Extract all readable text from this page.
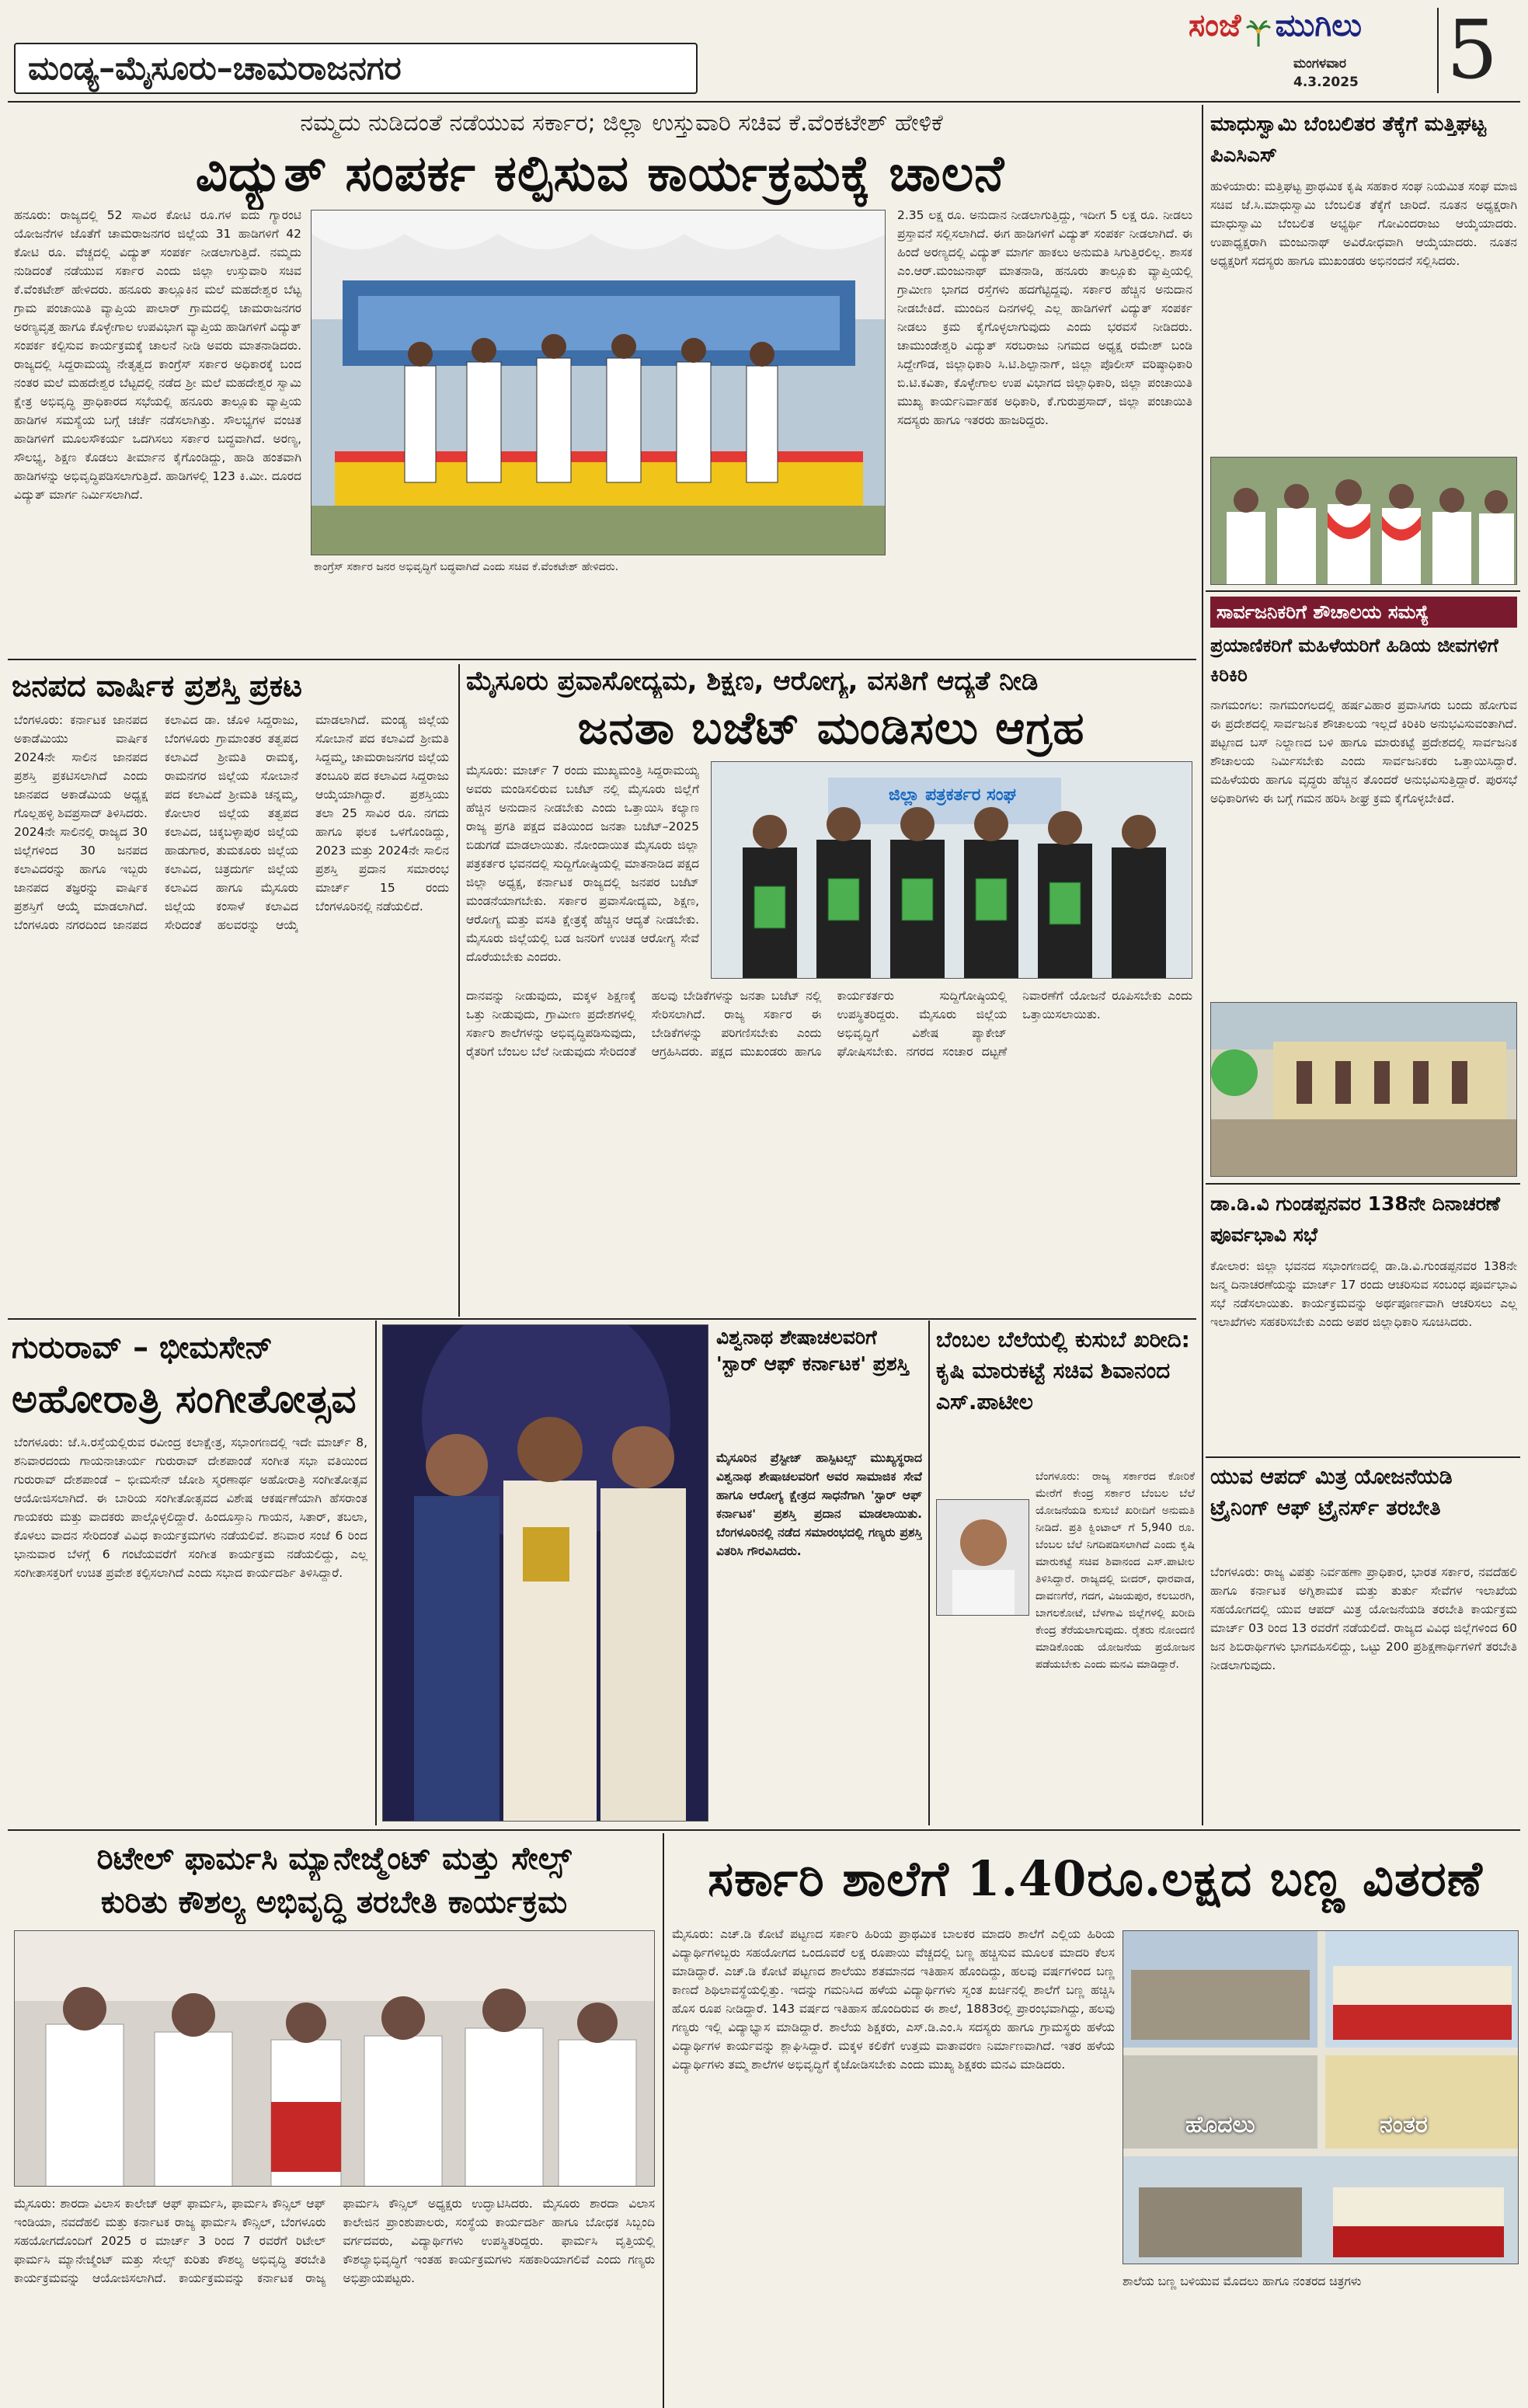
ಮಂಡ್ಯ–ಮೈಸೂರು–ಚಾಮರಾಜನಗರ
ಸಂಜೆ ಮುಗಿಲು
ಮಂಗಳವಾರ
4.3.2025	5
ನಮ್ಮದು ನುಡಿದಂತೆ ನಡೆಯುವ ಸರ್ಕಾರ; ಜಿಲ್ಲಾ ಉಸ್ತುವಾರಿ ಸಚಿವ ಕೆ.ವೆಂಕಟೇಶ್ ಹೇಳಿಕೆ
ವಿದ್ಯುತ್ ಸಂಪರ್ಕ ಕಲ್ಪಿಸುವ ಕಾರ್ಯಕ್ರಮಕ್ಕೆ ಚಾಲನೆ
ಹನೂರು: ರಾಜ್ಯದಲ್ಲಿ 52 ಸಾವಿರ ಕೋಟಿ ರೂ.ಗಳ ಐದು ಗ್ಯಾರಂಟಿ ಯೋಜನೆಗಳ ಜೊತೆಗೆ ಚಾಮರಾಜನಗರ ಜಿಲ್ಲೆಯ 31 ಹಾಡಿಗಳಿಗೆ 42 ಕೋಟಿ ರೂ. ವೆಚ್ಚದಲ್ಲಿ ವಿದ್ಯುತ್ ಸಂಪರ್ಕ ನೀಡಲಾಗುತ್ತಿದೆ. ನಮ್ಮದು ನುಡಿದಂತೆ ನಡೆಯುವ ಸರ್ಕಾರ ಎಂದು ಜಿಲ್ಲಾ ಉಸ್ತುವಾರಿ ಸಚಿವ ಕೆ.ವೆಂಕಟೇಶ್ ಹೇಳಿದರು. ಹನೂರು ತಾಲ್ಲೂಕಿನ ಮಲೆ ಮಹದೇಶ್ವರ ಬೆಟ್ಟ ಗ್ರಾಮ ಪಂಚಾಯಿತಿ ವ್ಯಾಪ್ತಿಯ ಪಾಲಾರ್ ಗ್ರಾಮದಲ್ಲಿ ಚಾಮರಾಜನಗರ ಅರಣ್ಯವೃತ್ತ ಹಾಗೂ ಕೊಳ್ಳೇಗಾಲ ಉಪವಿಭಾಗ ವ್ಯಾಪ್ತಿಯ ಹಾಡಿಗಳಿಗೆ ವಿದ್ಯುತ್ ಸಂಪರ್ಕ ಕಲ್ಪಿಸುವ ಕಾರ್ಯಕ್ರಮಕ್ಕೆ ಚಾಲನೆ ನೀಡಿ ಅವರು ಮಾತನಾಡಿದರು. ರಾಜ್ಯದಲ್ಲಿ ಸಿದ್ದರಾಮಯ್ಯ ನೇತೃತ್ವದ ಕಾಂಗ್ರೆಸ್ ಸರ್ಕಾರ ಅಧಿಕಾರಕ್ಕೆ ಬಂದ ನಂತರ ಮಲೆ ಮಹದೇಶ್ವರ ಬೆಟ್ಟದಲ್ಲಿ ನಡೆದ ಶ್ರೀ ಮಲೆ ಮಹದೇಶ್ವರ ಸ್ವಾಮಿ ಕ್ಷೇತ್ರ ಅಭಿವೃದ್ಧಿ ಪ್ರಾಧಿಕಾರದ ಸಭೆಯಲ್ಲಿ ಹನೂರು ತಾಲ್ಲೂಕು ವ್ಯಾಪ್ತಿಯ ಹಾಡಿಗಳ ಸಮಸ್ಯೆಯ ಬಗ್ಗೆ ಚರ್ಚೆ ನಡೆಸಲಾಗಿತ್ತು. ಸೌಲಭ್ಯಗಳ ವಂಚಿತ ಹಾಡಿಗಳಿಗೆ ಮೂಲಸೌಕರ್ಯ ಒದಗಿಸಲು ಸರ್ಕಾರ ಬದ್ಧವಾಗಿದೆ. ಅರಣ್ಯ, ಸೌಲಭ್ಯ, ಶಿಕ್ಷಣ ಕೊಡಲು ತೀರ್ಮಾನ ಕೈಗೊಂಡಿದ್ದು, ಹಾಡಿ ಹಂತವಾಗಿ ಹಾಡಿಗಳನ್ನು ಅಭಿವೃದ್ಧಿಪಡಿಸಲಾಗುತ್ತಿದೆ. ಹಾಡಿಗಳಲ್ಲಿ 123 ಕಿ.ಮೀ. ದೂರದ ವಿದ್ಯುತ್ ಮಾರ್ಗ ನಿರ್ಮಿಸಲಾಗಿದೆ.
ಕಾಂಗ್ರೆಸ್ ಸರ್ಕಾರ ಜನರ ಅಭಿವೃದ್ಧಿಗೆ ಬದ್ಧವಾಗಿದೆ ಎಂದು ಸಚಿವ ಕೆ.ವೆಂಕಟೇಶ್ ಹೇಳಿದರು.
2.35 ಲಕ್ಷ ರೂ. ಅನುದಾನ ನೀಡಲಾಗುತ್ತಿದ್ದು, ಇದೀಗ 5 ಲಕ್ಷ ರೂ. ನೀಡಲು ಪ್ರಸ್ತಾವನೆ ಸಲ್ಲಿಸಲಾಗಿದೆ. ಈಗ ಹಾಡಿಗಳಿಗೆ ವಿದ್ಯುತ್ ಸಂಪರ್ಕ ನೀಡಲಾಗಿದೆ. ಈ ಹಿಂದೆ ಅರಣ್ಯದಲ್ಲಿ ವಿದ್ಯುತ್ ಮಾರ್ಗ ಹಾಕಲು ಅನುಮತಿ ಸಿಗುತ್ತಿರಲಿಲ್ಲ. ಶಾಸಕ ಎಂ.ಆರ್.ಮಂಜುನಾಥ್ ಮಾತನಾಡಿ, ಹನೂರು ತಾಲ್ಲೂಕು ವ್ಯಾಪ್ತಿಯಲ್ಲಿ ಗ್ರಾಮೀಣ ಭಾಗದ ರಸ್ತೆಗಳು ಹದಗೆಟ್ಟಿದ್ದವು. ಸರ್ಕಾರ ಹೆಚ್ಚಿನ ಅನುದಾನ ನೀಡಬೇಕಿದೆ. ಮುಂದಿನ ದಿನಗಳಲ್ಲಿ ಎಲ್ಲ ಹಾಡಿಗಳಿಗೆ ವಿದ್ಯುತ್ ಸಂಪರ್ಕ ನೀಡಲು ಕ್ರಮ ಕೈಗೊಳ್ಳಲಾಗುವುದು ಎಂದು ಭರವಸೆ ನೀಡಿದರು. ಚಾಮುಂಡೇಶ್ವರಿ ವಿದ್ಯುತ್ ಸರಬರಾಜು ನಿಗಮದ ಅಧ್ಯಕ್ಷ ರಮೇಶ್ ಬಂಡಿ ಸಿದ್ದೇಗೌಡ, ಜಿಲ್ಲಾಧಿಕಾರಿ ಸಿ.ಟಿ.ಶಿಲ್ಪಾನಾಗ್, ಜಿಲ್ಲಾ ಪೊಲೀಸ್ ವರಿಷ್ಠಾಧಿಕಾರಿ ಬಿ.ಟಿ.ಕವಿತಾ, ಕೊಳ್ಳೇಗಾಲ ಉಪ ವಿಭಾಗದ ಜಿಲ್ಲಾಧಿಕಾರಿ, ಜಿಲ್ಲಾ ಪಂಚಾಯಿತಿ ಮುಖ್ಯ ಕಾರ್ಯನಿರ್ವಾಹಕ ಅಧಿಕಾರಿ, ಕೆ.ಗುರುಪ್ರಸಾದ್, ಜಿಲ್ಲಾ ಪಂಚಾಯಿತಿ ಸದಸ್ಯರು ಹಾಗೂ ಇತರರು ಹಾಜರಿದ್ದರು.
ಜನಪದ ವಾರ್ಷಿಕ ಪ್ರಶಸ್ತಿ ಪ್ರಕಟ
ಬೆಂಗಳೂರು: ಕರ್ನಾಟಕ ಜಾನಪದ ಅಕಾಡೆಮಿಯು ವಾರ್ಷಿಕ 2024ನೇ ಸಾಲಿನ ಜಾನಪದ ಪ್ರಶಸ್ತಿ ಪ್ರಕಟಿಸಲಾಗಿದೆ ಎಂದು ಜಾನಪದ ಅಕಾಡೆಮಿಯ ಅಧ್ಯಕ್ಷ ಗೊಲ್ಲಹಳ್ಳಿ ಶಿವಪ್ರಸಾದ್ ತಿಳಿಸಿದರು. 2024ನೇ ಸಾಲಿನಲ್ಲಿ ರಾಜ್ಯದ 30 ಜಿಲ್ಲೆಗಳಿಂದ 30 ಜನಪದ ಕಲಾವಿದರನ್ನು ಹಾಗೂ ಇಬ್ಬರು ಜಾನಪದ ತಜ್ಞರನ್ನು ವಾರ್ಷಿಕ ಪ್ರಶಸ್ತಿಗೆ ಆಯ್ಕೆ ಮಾಡಲಾಗಿದೆ. ಬೆಂಗಳೂರು ನಗರದಿಂದ ಜಾನಪದ ಕಲಾವಿದ ಡಾ. ಚೊಳಿ ಸಿದ್ದರಾಜು, ಬೆಂಗಳೂರು ಗ್ರಾಮಾಂತರ ತತ್ವಪದ ಕಲಾವಿದೆ ಶ್ರೀಮತಿ ರಾಮಕ್ಕ, ರಾಮನಗರ ಜಿಲ್ಲೆಯ ಸೋಬಾನೆ ಪದ ಕಲಾವಿದೆ ಶ್ರೀಮತಿ ಚನ್ನಮ್ಮ, ಕೋಲಾರ ಜಿಲ್ಲೆಯ ತತ್ವಪದ ಕಲಾವಿದ, ಚಿಕ್ಕಬಳ್ಳಾಪುರ ಜಿಲ್ಲೆಯ ಹಾಡುಗಾರ, ತುಮಕೂರು ಜಿಲ್ಲೆಯ ಕಲಾವಿದ, ಚಿತ್ರದುರ್ಗ ಜಿಲ್ಲೆಯ ಕಲಾವಿದ ಹಾಗೂ ಮೈಸೂರು ಜಿಲ್ಲೆಯ ಕಂಸಾಳೆ ಕಲಾವಿದ ಸೇರಿದಂತೆ ಹಲವರನ್ನು ಆಯ್ಕೆ ಮಾಡಲಾಗಿದೆ. ಮಂಡ್ಯ ಜಿಲ್ಲೆಯ ಸೋಬಾನೆ ಪದ ಕಲಾವಿದೆ ಶ್ರೀಮತಿ ಸಿದ್ದಮ್ಮ, ಚಾಮರಾಜನಗರ ಜಿಲ್ಲೆಯ ತಂಬೂರಿ ಪದ ಕಲಾವಿದ ಸಿದ್ದರಾಜು ಆಯ್ಕೆಯಾಗಿದ್ದಾರೆ. ಪ್ರಶಸ್ತಿಯು ತಲಾ 25 ಸಾವಿರ ರೂ. ನಗದು ಹಾಗೂ ಫಲಕ ಒಳಗೊಂಡಿದ್ದು, 2023 ಮತ್ತು 2024ನೇ ಸಾಲಿನ ಪ್ರಶಸ್ತಿ ಪ್ರದಾನ ಸಮಾರಂಭ ಮಾರ್ಚ್ 15 ರಂದು ಬೆಂಗಳೂರಿನಲ್ಲಿ ನಡೆಯಲಿದೆ.
ಮೈಸೂರು ಪ್ರವಾಸೋದ್ಯಮ, ಶಿಕ್ಷಣ, ಆರೋಗ್ಯ, ವಸತಿಗೆ ಆದ್ಯತೆ ನೀಡಿ
ಜನತಾ ಬಜೆಟ್ ಮಂಡಿಸಲು ಆಗ್ರಹ
ಮೈಸೂರು: ಮಾರ್ಚ್ 7 ರಂದು ಮುಖ್ಯಮಂತ್ರಿ ಸಿದ್ದರಾಮಯ್ಯ ಅವರು ಮಂಡಿಸಲಿರುವ ಬಜೆಟ್ ನಲ್ಲಿ ಮೈಸೂರು ಜಿಲ್ಲೆಗೆ ಹೆಚ್ಚಿನ ಅನುದಾನ ನೀಡಬೇಕು ಎಂದು ಒತ್ತಾಯಿಸಿ ಕಲ್ಯಾಣ ರಾಜ್ಯ ಪ್ರಗತಿ ಪಕ್ಷದ ವತಿಯಿಂದ ಜನತಾ ಬಜೆಟ್–2025 ಬಿಡುಗಡೆ ಮಾಡಲಾಯಿತು. ನೋಂದಾಯಿತ ಮೈಸೂರು ಜಿಲ್ಲಾ ಪತ್ರಕರ್ತರ ಭವನದಲ್ಲಿ ಸುದ್ದಿಗೋಷ್ಠಿಯಲ್ಲಿ ಮಾತನಾಡಿದ ಪಕ್ಷದ ಜಿಲ್ಲಾ ಅಧ್ಯಕ್ಷ, ಕರ್ನಾಟಕ ರಾಜ್ಯದಲ್ಲಿ ಜನಪರ ಬಜೆಟ್ ಮಂಡನೆಯಾಗಬೇಕು. ಸರ್ಕಾರ ಪ್ರವಾಸೋದ್ಯಮ, ಶಿಕ್ಷಣ, ಆರೋಗ್ಯ ಮತ್ತು ವಸತಿ ಕ್ಷೇತ್ರಕ್ಕೆ ಹೆಚ್ಚಿನ ಆದ್ಯತೆ ನೀಡಬೇಕು. ಮೈಸೂರು ಜಿಲ್ಲೆಯಲ್ಲಿ ಬಡ ಜನರಿಗೆ ಉಚಿತ ಆರೋಗ್ಯ ಸೇವೆ ದೊರೆಯಬೇಕು ಎಂದರು.
ಜಿಲ್ಲಾ ಪತ್ರಕರ್ತರ ಸಂಘ
ದಾನವನ್ನು ನೀಡುವುದು, ಮಕ್ಕಳ ಶಿಕ್ಷಣಕ್ಕೆ ಒತ್ತು ನೀಡುವುದು, ಗ್ರಾಮೀಣ ಪ್ರದೇಶಗಳಲ್ಲಿ ಸರ್ಕಾರಿ ಶಾಲೆಗಳನ್ನು ಅಭಿವೃದ್ಧಿಪಡಿಸುವುದು, ರೈತರಿಗೆ ಬೆಂಬಲ ಬೆಲೆ ನೀಡುವುದು ಸೇರಿದಂತೆ ಹಲವು ಬೇಡಿಕೆಗಳನ್ನು ಜನತಾ ಬಜೆಟ್ ನಲ್ಲಿ ಸೇರಿಸಲಾಗಿದೆ. ರಾಜ್ಯ ಸರ್ಕಾರ ಈ ಬೇಡಿಕೆಗಳನ್ನು ಪರಿಗಣಿಸಬೇಕು ಎಂದು ಆಗ್ರಹಿಸಿದರು. ಪಕ್ಷದ ಮುಖಂಡರು ಹಾಗೂ ಕಾರ್ಯಕರ್ತರು ಸುದ್ದಿಗೋಷ್ಠಿಯಲ್ಲಿ ಉಪಸ್ಥಿತರಿದ್ದರು. ಮೈಸೂರು ಜಿಲ್ಲೆಯ ಅಭಿವೃದ್ಧಿಗೆ ವಿಶೇಷ ಪ್ಯಾಕೇಜ್ ಘೋಷಿಸಬೇಕು. ನಗರದ ಸಂಚಾರ ದಟ್ಟಣೆ ನಿವಾರಣೆಗೆ ಯೋಜನೆ ರೂಪಿಸಬೇಕು ಎಂದು ಒತ್ತಾಯಿಸಲಾಯಿತು.
ಗುರುರಾವ್ – ಭೀಮಸೇನ್
ಅಹೋರಾತ್ರಿ ಸಂಗೀತೋತ್ಸವ
ಬೆಂಗಳೂರು: ಜೆ.ಸಿ.ರಸ್ತೆಯಲ್ಲಿರುವ ರವೀಂದ್ರ ಕಲಾಕ್ಷೇತ್ರ, ಸಭಾಂಗಣದಲ್ಲಿ ಇದೇ ಮಾರ್ಚ್ 8, ಶನಿವಾರದಂದು ಗಾಯನಾಚಾರ್ಯ ಗುರುರಾವ್ ದೇಶಪಾಂಡೆ ಸಂಗೀತ ಸಭಾ ವತಿಯಿಂದ ಗುರುರಾವ್ ದೇಶಪಾಂಡೆ – ಭೀಮಸೇನ್ ಜೋಶಿ ಸ್ಮರಣಾರ್ಥ ಅಹೋರಾತ್ರಿ ಸಂಗೀತೋತ್ಸವ ಆಯೋಜಿಸಲಾಗಿದೆ. ಈ ಬಾರಿಯ ಸಂಗೀತೋತ್ಸವದ ವಿಶೇಷ ಆಕರ್ಷಣೆಯಾಗಿ ಹೆಸರಾಂತ ಗಾಯಕರು ಮತ್ತು ವಾದಕರು ಪಾಲ್ಗೊಳ್ಳಲಿದ್ದಾರೆ. ಹಿಂದೂಸ್ತಾನಿ ಗಾಯನ, ಸಿತಾರ್, ತಬಲಾ, ಕೊಳಲು ವಾದನ ಸೇರಿದಂತೆ ವಿವಿಧ ಕಾರ್ಯಕ್ರಮಗಳು ನಡೆಯಲಿವೆ. ಶನಿವಾರ ಸಂಜೆ 6 ರಿಂದ ಭಾನುವಾರ ಬೆಳಗ್ಗೆ 6 ಗಂಟೆಯವರೆಗೆ ಸಂಗೀತ ಕಾರ್ಯಕ್ರಮ ನಡೆಯಲಿದ್ದು, ಎಲ್ಲ ಸಂಗೀತಾಸಕ್ತರಿಗೆ ಉಚಿತ ಪ್ರವೇಶ ಕಲ್ಪಿಸಲಾಗಿದೆ ಎಂದು ಸಭಾದ ಕಾರ್ಯದರ್ಶಿ ತಿಳಿಸಿದ್ದಾರೆ.
ವಿಶ್ವನಾಥ ಶೇಷಾಚಲವರಿಗೆ 'ಸ್ಟಾರ್ ಆಫ್ ಕರ್ನಾಟಕ' ಪ್ರಶಸ್ತಿ
ಮೈಸೂರಿನ ಪ್ರೆಸ್ಟೀಜ್ ಹಾಸ್ಪಿಟಲ್ಸ್ ಮುಖ್ಯಸ್ಥರಾದ ವಿಶ್ವನಾಥ ಶೇಷಾಚಲವರಿಗೆ ಅವರ ಸಾಮಾಜಿಕ ಸೇವೆ ಹಾಗೂ ಆರೋಗ್ಯ ಕ್ಷೇತ್ರದ ಸಾಧನೆಗಾಗಿ 'ಸ್ಟಾರ್ ಆಫ್ ಕರ್ನಾಟಕ' ಪ್ರಶಸ್ತಿ ಪ್ರದಾನ ಮಾಡಲಾಯಿತು. ಬೆಂಗಳೂರಿನಲ್ಲಿ ನಡೆದ ಸಮಾರಂಭದಲ್ಲಿ ಗಣ್ಯರು ಪ್ರಶಸ್ತಿ ವಿತರಿಸಿ ಗೌರವಿಸಿದರು.
ಬೆಂಬಲ ಬೆಲೆಯಲ್ಲಿ ಕುಸುಬೆ ಖರೀದಿ: ಕೃಷಿ ಮಾರುಕಟ್ಟೆ ಸಚಿವ ಶಿವಾನಂದ ಎಸ್.ಪಾಟೀಲ
ಬೆಂಗಳೂರು: ರಾಜ್ಯ ಸರ್ಕಾರದ ಕೋರಿಕೆ ಮೇರೆಗೆ ಕೇಂದ್ರ ಸರ್ಕಾರ ಬೆಂಬಲ ಬೆಲೆ ಯೋಜನೆಯಡಿ ಕುಸುಬೆ ಖರೀದಿಗೆ ಅನುಮತಿ ನೀಡಿದೆ. ಪ್ರತಿ ಕ್ವಿಂಟಾಲ್ ಗೆ 5,940 ರೂ. ಬೆಂಬಲ ಬೆಲೆ ನಿಗದಿಪಡಿಸಲಾಗಿದೆ ಎಂದು ಕೃಷಿ ಮಾರುಕಟ್ಟೆ ಸಚಿವ ಶಿವಾನಂದ ಎಸ್.ಪಾಟೀಲ ತಿಳಿಸಿದ್ದಾರೆ. ರಾಜ್ಯದಲ್ಲಿ ಬೀದರ್, ಧಾರವಾಡ, ದಾವಣಗೆರೆ, ಗದಗ, ವಿಜಯಪುರ, ಕಲಬುರಗಿ, ಬಾಗಲಕೋಟೆ, ಬೆಳಗಾವಿ ಜಿಲ್ಲೆಗಳಲ್ಲಿ ಖರೀದಿ ಕೇಂದ್ರ ತೆರೆಯಲಾಗುವುದು. ರೈತರು ನೋಂದಣಿ ಮಾಡಿಕೊಂಡು ಯೋಜನೆಯ ಪ್ರಯೋಜನ ಪಡೆಯಬೇಕು ಎಂದು ಮನವಿ ಮಾಡಿದ್ದಾರೆ.
ಮಾಧುಸ್ವಾಮಿ ಬೆಂಬಲಿತರ ತೆಕ್ಕೆಗೆ ಮತ್ತಿಘಟ್ಟ ಪಿಎಸಿಎಸ್
ಹುಳಿಯಾರು: ಮತ್ತಿಘಟ್ಟ ಪ್ರಾಥಮಿಕ ಕೃಷಿ ಸಹಕಾರ ಸಂಘ ನಿಯಮಿತ ಸಂಘ ಮಾಜಿ ಸಚಿವ ಜೆ.ಸಿ.ಮಾಧುಸ್ವಾಮಿ ಬೆಂಬಲಿತ ತೆಕ್ಕೆಗೆ ಜಾರಿದೆ. ನೂತನ ಅಧ್ಯಕ್ಷರಾಗಿ ಮಾಧುಸ್ವಾಮಿ ಬೆಂಬಲಿತ ಅಭ್ಯರ್ಥಿ ಗೋವಿಂದರಾಜು ಆಯ್ಕೆಯಾದರು. ಉಪಾಧ್ಯಕ್ಷರಾಗಿ ಮಂಜುನಾಥ್ ಅವಿರೋಧವಾಗಿ ಆಯ್ಕೆಯಾದರು. ನೂತನ ಅಧ್ಯಕ್ಷರಿಗೆ ಸದಸ್ಯರು ಹಾಗೂ ಮುಖಂಡರು ಅಭಿನಂದನೆ ಸಲ್ಲಿಸಿದರು.
ಸಾರ್ವಜನಿಕರಿಗೆ ಶೌಚಾಲಯ ಸಮಸ್ಯೆ
ಪ್ರಯಾಣಿಕರಿಗೆ ಮಹಿಳೆಯರಿಗೆ ಹಿಡಿಯ ಜೀವಗಳಿಗೆ ಕಿರಿಕಿರಿ
ನಾಗಮಂಗಲ: ನಾಗಮಂಗಲದಲ್ಲಿ ಹರ್ಷವಿಹಾರ ಪ್ರವಾಸಿಗರು ಬಂದು ಹೋಗುವ ಈ ಪ್ರದೇಶದಲ್ಲಿ ಸಾರ್ವಜನಿಕ ಶೌಚಾಲಯ ಇಲ್ಲದೆ ಕಿರಿಕಿರಿ ಅನುಭವಿಸುವಂತಾಗಿದೆ. ಪಟ್ಟಣದ ಬಸ್ ನಿಲ್ದಾಣದ ಬಳಿ ಹಾಗೂ ಮಾರುಕಟ್ಟೆ ಪ್ರದೇಶದಲ್ಲಿ ಸಾರ್ವಜನಿಕ ಶೌಚಾಲಯ ನಿರ್ಮಿಸಬೇಕು ಎಂದು ಸಾರ್ವಜನಿಕರು ಒತ್ತಾಯಿಸಿದ್ದಾರೆ. ಮಹಿಳೆಯರು ಹಾಗೂ ವೃದ್ಧರು ಹೆಚ್ಚಿನ ತೊಂದರೆ ಅನುಭವಿಸುತ್ತಿದ್ದಾರೆ. ಪುರಸಭೆ ಅಧಿಕಾರಿಗಳು ಈ ಬಗ್ಗೆ ಗಮನ ಹರಿಸಿ ಶೀಘ್ರ ಕ್ರಮ ಕೈಗೊಳ್ಳಬೇಕಿದೆ.
ಡಾ.ಡಿ.ವಿ ಗುಂಡಪ್ಪನವರ 138ನೇ ದಿನಾಚರಣೆ ಪೂರ್ವಭಾವಿ ಸಭೆ
ಕೋಲಾರ: ಜಿಲ್ಲಾ ಭವನದ ಸಭಾಂಗಣದಲ್ಲಿ ಡಾ.ಡಿ.ವಿ.ಗುಂಡಪ್ಪನವರ 138ನೇ ಜನ್ಮ ದಿನಾಚರಣೆಯನ್ನು ಮಾರ್ಚ್ 17 ರಂದು ಆಚರಿಸುವ ಸಂಬಂಧ ಪೂರ್ವಭಾವಿ ಸಭೆ ನಡೆಸಲಾಯಿತು. ಕಾರ್ಯಕ್ರಮವನ್ನು ಅರ್ಥಪೂರ್ಣವಾಗಿ ಆಚರಿಸಲು ಎಲ್ಲ ಇಲಾಖೆಗಳು ಸಹಕರಿಸಬೇಕು ಎಂದು ಅಪರ ಜಿಲ್ಲಾಧಿಕಾರಿ ಸೂಚಿಸಿದರು.
ಯುವ ಆಪದ್ ಮಿತ್ರ ಯೋಜನೆಯಡಿ ಟ್ರೈನಿಂಗ್ ಆಫ್ ಟ್ರೈನರ್ಸ್ ತರಬೇತಿ
ಬೆಂಗಳೂರು: ರಾಜ್ಯ ವಿಪತ್ತು ನಿರ್ವಹಣಾ ಪ್ರಾಧಿಕಾರ, ಭಾರತ ಸರ್ಕಾರ, ನವದೆಹಲಿ ಹಾಗೂ ಕರ್ನಾಟಕ ಅಗ್ನಿಶಾಮಕ ಮತ್ತು ತುರ್ತು ಸೇವೆಗಳ ಇಲಾಖೆಯ ಸಹಯೋಗದಲ್ಲಿ ಯುವ ಆಪದ್ ಮಿತ್ರ ಯೋಜನೆಯಡಿ ತರಬೇತಿ ಕಾರ್ಯಕ್ರಮ ಮಾರ್ಚ್ 03 ರಿಂದ 13 ರವರೆಗೆ ನಡೆಯಲಿದೆ. ರಾಜ್ಯದ ವಿವಿಧ ಜಿಲ್ಲೆಗಳಿಂದ 60 ಜನ ಶಿಬಿರಾರ್ಥಿಗಳು ಭಾಗವಹಿಸಲಿದ್ದು, ಒಟ್ಟು 200 ಪ್ರಶಿಕ್ಷಣಾರ್ಥಿಗಳಿಗೆ ತರಬೇತಿ ನೀಡಲಾಗುವುದು.
ರಿಟೇಲ್ ಫಾರ್ಮಸಿ ಮ್ಯಾನೇಜ್ಮೆಂಟ್ ಮತ್ತು ಸೇಲ್ಸ್
ಕುರಿತು ಕೌಶಲ್ಯ ಅಭಿವೃದ್ಧಿ ತರಬೇತಿ ಕಾರ್ಯಕ್ರಮ
ಮೈಸೂರು: ಶಾರದಾ ವಿಲಾಸ ಕಾಲೇಜ್ ಆಫ್ ಫಾರ್ಮಸಿ, ಫಾರ್ಮಸಿ ಕೌನ್ಸಿಲ್ ಆಫ್ ಇಂಡಿಯಾ, ನವದೆಹಲಿ ಮತ್ತು ಕರ್ನಾಟಕ ರಾಜ್ಯ ಫಾರ್ಮಸಿ ಕೌನ್ಸಿಲ್, ಬೆಂಗಳೂರು ಸಹಯೋಗದೊಂದಿಗೆ 2025 ರ ಮಾರ್ಚ್ 3 ರಿಂದ 7 ರವರೆಗೆ ರಿಟೇಲ್ ಫಾರ್ಮಸಿ ಮ್ಯಾನೇಜ್ಮೆಂಟ್ ಮತ್ತು ಸೇಲ್ಸ್ ಕುರಿತು ಕೌಶಲ್ಯ ಅಭಿವೃದ್ಧಿ ತರಬೇತಿ ಕಾರ್ಯಕ್ರಮವನ್ನು ಆಯೋಜಿಸಲಾಗಿದೆ. ಕಾರ್ಯಕ್ರಮವನ್ನು ಕರ್ನಾಟಕ ರಾಜ್ಯ ಫಾರ್ಮಸಿ ಕೌನ್ಸಿಲ್ ಅಧ್ಯಕ್ಷರು ಉದ್ಘಾಟಿಸಿದರು. ಮೈಸೂರು ಶಾರದಾ ವಿಲಾಸ ಕಾಲೇಜಿನ ಪ್ರಾಂಶುಪಾಲರು, ಸಂಸ್ಥೆಯ ಕಾರ್ಯದರ್ಶಿ ಹಾಗೂ ಬೋಧಕ ಸಿಬ್ಬಂದಿ ವರ್ಗದವರು, ವಿದ್ಯಾರ್ಥಿಗಳು ಉಪಸ್ಥಿತರಿದ್ದರು. ಫಾರ್ಮಸಿ ವೃತ್ತಿಯಲ್ಲಿ ಕೌಶಲ್ಯಾಭಿವೃದ್ಧಿಗೆ ಇಂತಹ ಕಾರ್ಯಕ್ರಮಗಳು ಸಹಕಾರಿಯಾಗಲಿವೆ ಎಂದು ಗಣ್ಯರು ಅಭಿಪ್ರಾಯಪಟ್ಟರು.
ಸರ್ಕಾರಿ ಶಾಲೆಗೆ 1.40ರೂ.ಲಕ್ಷದ ಬಣ್ಣ ವಿತರಣೆ
ಮೈಸೂರು: ಎಚ್.ಡಿ ಕೋಟೆ ಪಟ್ಟಣದ ಸರ್ಕಾರಿ ಹಿರಿಯ ಪ್ರಾಥಮಿಕ ಬಾಲಕರ ಮಾದರಿ ಶಾಲೆಗೆ ಎಲ್ಲಿಯ ಹಿರಿಯ ವಿದ್ಯಾರ್ಥಿಗಳಿಬ್ಬರು ಸಹಯೋಗದ ಒಂದೂವರೆ ಲಕ್ಷ ರೂಪಾಯಿ ವೆಚ್ಚದಲ್ಲಿ ಬಣ್ಣ ಹಚ್ಚಿಸುವ ಮೂಲಕ ಮಾದರಿ ಕೆಲಸ ಮಾಡಿದ್ದಾರೆ. ಎಚ್.ಡಿ ಕೋಟೆ ಪಟ್ಟಣದ ಶಾಲೆಯು ಶತಮಾನದ ಇತಿಹಾಸ ಹೊಂದಿದ್ದು, ಹಲವು ವರ್ಷಗಳಿಂದ ಬಣ್ಣ ಕಾಣದೆ ಶಿಥಿಲಾವಸ್ಥೆಯಲ್ಲಿತ್ತು. ಇದನ್ನು ಗಮನಿಸಿದ ಹಳೆಯ ವಿದ್ಯಾರ್ಥಿಗಳು ಸ್ವಂತ ಖರ್ಚಿನಲ್ಲಿ ಶಾಲೆಗೆ ಬಣ್ಣ ಹಚ್ಚಿಸಿ ಹೊಸ ರೂಪ ನೀಡಿದ್ದಾರೆ. 143 ವರ್ಷದ ಇತಿಹಾಸ ಹೊಂದಿರುವ ಈ ಶಾಲೆ, 1883ರಲ್ಲಿ ಪ್ರಾರಂಭವಾಗಿದ್ದು, ಹಲವು ಗಣ್ಯರು ಇಲ್ಲಿ ವಿದ್ಯಾಭ್ಯಾಸ ಮಾಡಿದ್ದಾರೆ. ಶಾಲೆಯ ಶಿಕ್ಷಕರು, ಎಸ್.ಡಿ.ಎಂ.ಸಿ ಸದಸ್ಯರು ಹಾಗೂ ಗ್ರಾಮಸ್ಥರು ಹಳೆಯ ವಿದ್ಯಾರ್ಥಿಗಳ ಕಾರ್ಯವನ್ನು ಶ್ಲಾಘಿಸಿದ್ದಾರೆ. ಮಕ್ಕಳ ಕಲಿಕೆಗೆ ಉತ್ತಮ ವಾತಾವರಣ ನಿರ್ಮಾಣವಾಗಿದೆ. ಇತರ ಹಳೆಯ ವಿದ್ಯಾರ್ಥಿಗಳು ತಮ್ಮ ಶಾಲೆಗಳ ಅಭಿವೃದ್ಧಿಗೆ ಕೈಜೋಡಿಸಬೇಕು ಎಂದು ಮುಖ್ಯ ಶಿಕ್ಷಕರು ಮನವಿ ಮಾಡಿದರು.
ಹೊದಲು	ನಂತರ
ಶಾಲೆಯ ಬಣ್ಣ ಬಳಿಯುವ ಮೊದಲು ಹಾಗೂ ನಂತರದ ಚಿತ್ರಗಳು
